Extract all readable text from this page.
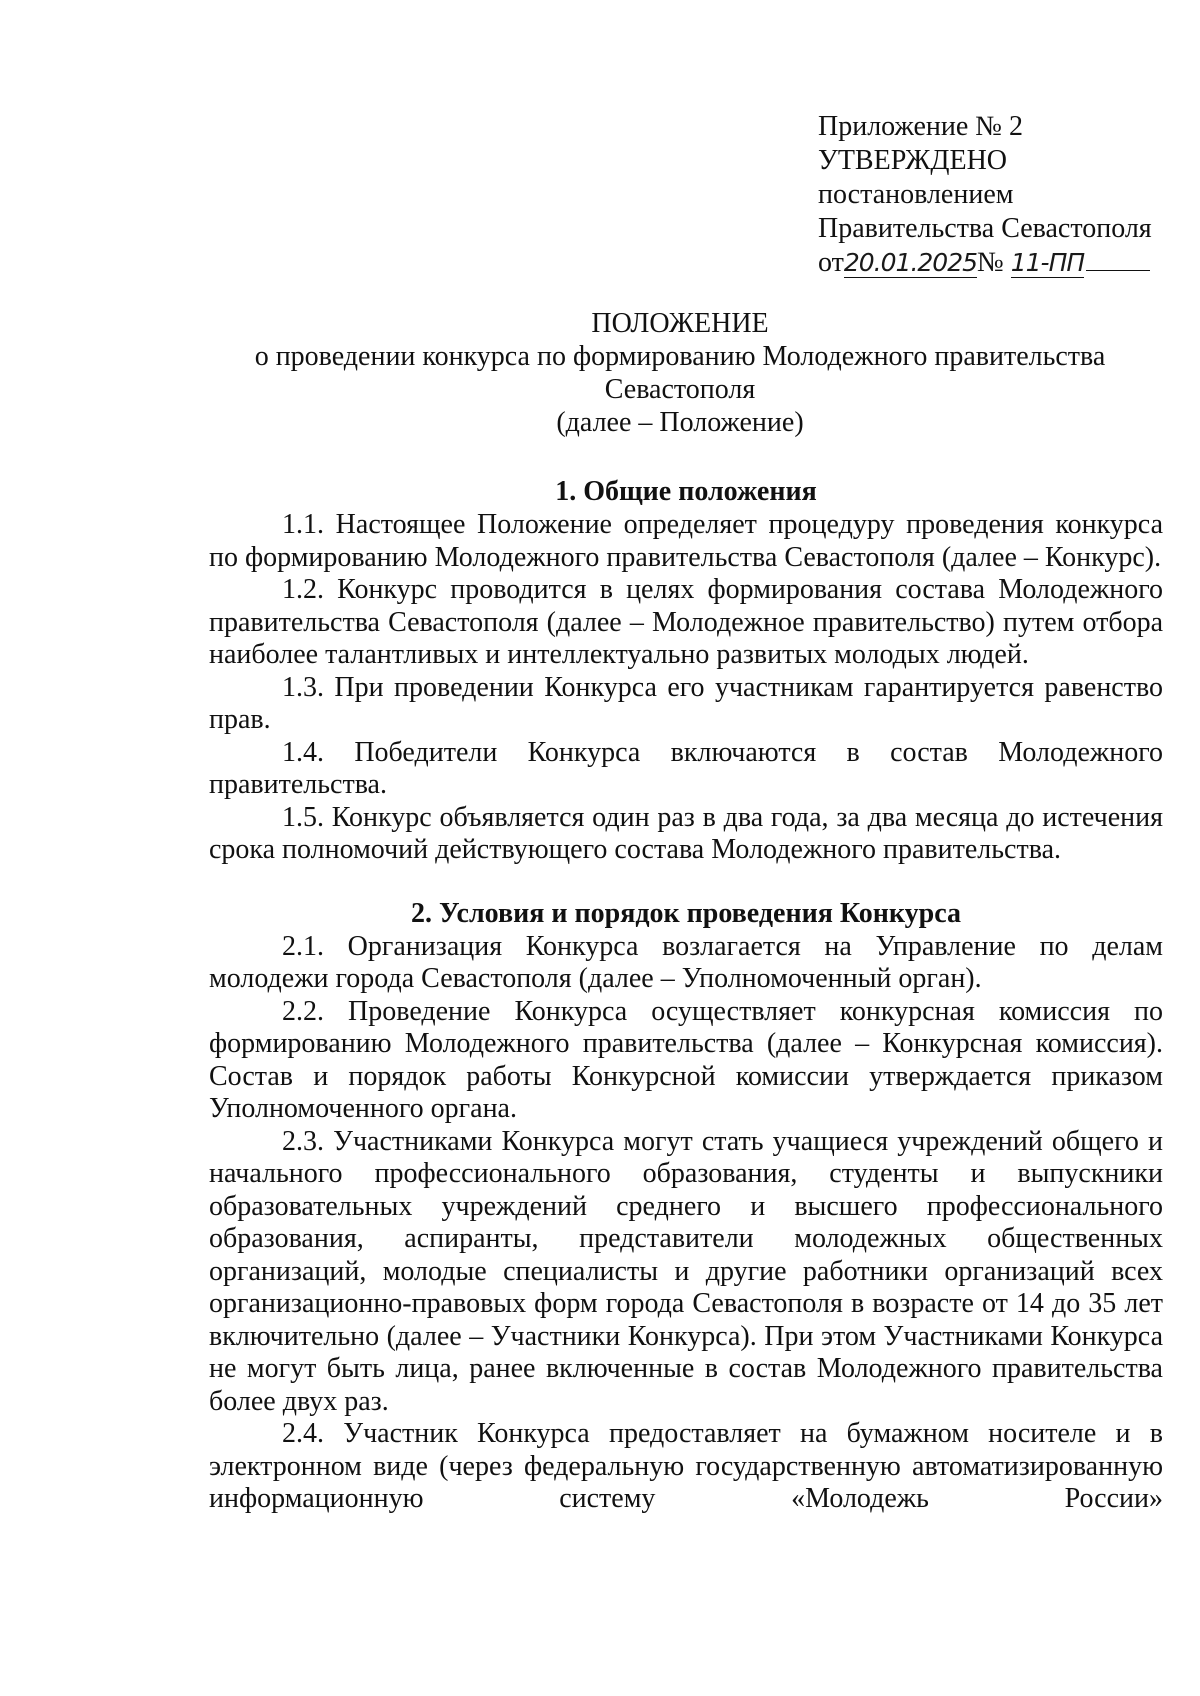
Приложение № 2
УТВЕРЖДЕНО
постановлением
Правительства Севастополя
от20.01.2025№ 11-ПП
ПОЛОЖЕНИЕ
о проведении конкурса по формированию Молодежного правительства
Севастополя
(далее – Положение)
1. Общие положения

1.1. Настоящее Положение определяет процедуру проведения конкурса по формированию Молодежного правительства Севастополя (далее – Конкурс).

1.2. Конкурс проводится в целях формирования состава Молодежного правительства Севастополя (далее – Молодежное правительство) путем отбора наиболее талантливых и интеллектуально развитых молодых людей.

1.3. При проведении Конкурса его участникам гарантируется равенство прав.

1.4. Победители Конкурса включаются в состав Молодежного правительства.

1.5. Конкурс объявляется один раз в два года, за два месяца до истечения срока полномочий действующего состава Молодежного правительства.

2. Условия и порядок проведения Конкурса

2.1. Организация Конкурса возлагается на Управление по делам молодежи города Севастополя (далее – Уполномоченный орган).

2.2. Проведение Конкурса осуществляет конкурсная комиссия по формированию Молодежного правительства (далее – Конкурсная комиссия). Состав и порядок работы Конкурсной комиссии утверждается приказом Уполномоченного органа.

2.3. Участниками Конкурса могут стать учащиеся учреждений общего и начального профессионального образования, студенты и выпускники образовательных учреждений среднего и высшего профессионального образования, аспиранты, представители молодежных общественных организаций, молодые специалисты и другие работники организаций всех организационно-правовых форм города Севастополя в возрасте от 14 до 35 лет включительно (далее – Участники Конкурса). При этом Участниками Конкурса не могут быть лица, ранее включенные в состав Молодежного правительства более двух раз.

2.4. Участник Конкурса предоставляет на бумажном носителе и в электронном виде (через федеральную государственную автоматизированную информационную систему «Молодежь России»
